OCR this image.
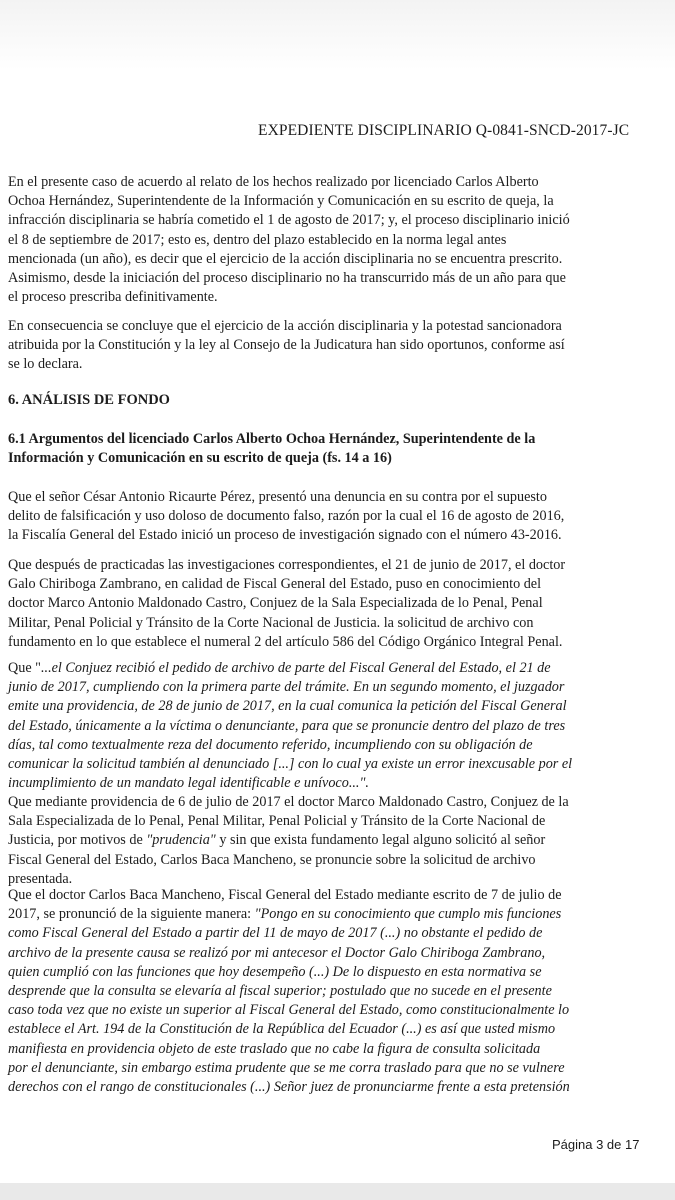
EXPEDIENTE DISCIPLINARIO Q-0841-SNCD-2017-JC
En el presente caso de acuerdo al relato de los hechos realizado por licenciado Carlos Alberto
Ochoa Hernández, Superintendente de la Información y Comunicación en su escrito de queja, la
infracción disciplinaria se habría cometido el 1 de agosto de 2017; y, el proceso disciplinario inició
el 8 de septiembre de 2017; esto es, dentro del plazo establecido en la norma legal antes
mencionada (un año), es decir que el ejercicio de la acción disciplinaria no se encuentra prescrito.
Asimismo, desde la iniciación del proceso disciplinario no ha transcurrido más de un año para que
el proceso prescriba definitivamente.
En consecuencia se concluye que el ejercicio de la acción disciplinaria y la potestad sancionadora
atribuida por la Constitución y la ley al Consejo de la Judicatura han sido oportunos, conforme así
se lo declara.
6. ANÁLISIS DE FONDO
6.1 Argumentos del licenciado Carlos Alberto Ochoa Hernández, Superintendente de la
Información y Comunicación en su escrito de queja (fs. 14 a 16)
Que el señor César Antonio Ricaurte Pérez, presentó una denuncia en su contra por el supuesto
delito de falsificación y uso doloso de documento falso, razón por la cual el 16 de agosto de 2016,
la Fiscalía General del Estado inició un proceso de investigación signado con el número 43-2016.
Que después de practicadas las investigaciones correspondientes, el 21 de junio de 2017, el doctor
Galo Chiriboga Zambrano, en calidad de Fiscal General del Estado, puso en conocimiento del
doctor Marco Antonio Maldonado Castro, Conjuez de la Sala Especializada de lo Penal, Penal
Militar, Penal Policial y Tránsito de la Corte Nacional de Justicia. la solicitud de archivo con
fundamento en lo que establece el numeral 2 del artículo 586 del Código Orgánico Integral Penal.
Que "...el Conjuez recibió el pedido de archivo de parte del Fiscal General del Estado, el 21 de
junio de 2017, cumpliendo con la primera parte del trámite. En un segundo momento, el juzgador
emite una providencia, de 28 de junio de 2017, en la cual comunica la petición del Fiscal General
del Estado, únicamente a la víctima o denunciante, para que se pronuncie dentro del plazo de tres
días, tal como textualmente reza del documento referido, incumpliendo con su obligación de
comunicar la solicitud también al denunciado [...] con lo cual ya existe un error inexcusable por el
incumplimiento de un mandato legal identificable e unívoco...".
Que mediante providencia de 6 de julio de 2017 el doctor Marco Maldonado Castro, Conjuez de la
Sala Especializada de lo Penal, Penal Militar, Penal Policial y Tránsito de la Corte Nacional de
Justicia, por motivos de "prudencia" y sin que exista fundamento legal alguno solicitó al señor
Fiscal General del Estado, Carlos Baca Mancheno, se pronuncie sobre la solicitud de archivo
presentada.
Que el doctor Carlos Baca Mancheno, Fiscal General del Estado mediante escrito de 7 de julio de
2017, se pronunció de la siguiente manera: "Pongo en su conocimiento que cumplo mis funciones
como Fiscal General del Estado a partir del 11 de mayo de 2017 (...) no obstante el pedido de
archivo de la presente causa se realizó por mi antecesor el Doctor Galo Chiriboga Zambrano,
quien cumplió con las funciones que hoy desempeño (...) De lo dispuesto en esta normativa se
desprende que la consulta se elevaría al fiscal superior; postulado que no sucede en el presente
caso toda vez que no existe un superior al Fiscal General del Estado, como constitucionalmente lo
establece el Art. 194 de la Constitución de la República del Ecuador (...) es así que usted mismo
manifiesta en providencia objeto de este traslado que no cabe la figura de consulta solicitada
por el denunciante, sin embargo estima prudente que se me corra traslado para que no se vulnere
derechos con el rango de constitucionales (...) Señor juez de pronunciarme frente a esta pretensión
Página 3 de 17
